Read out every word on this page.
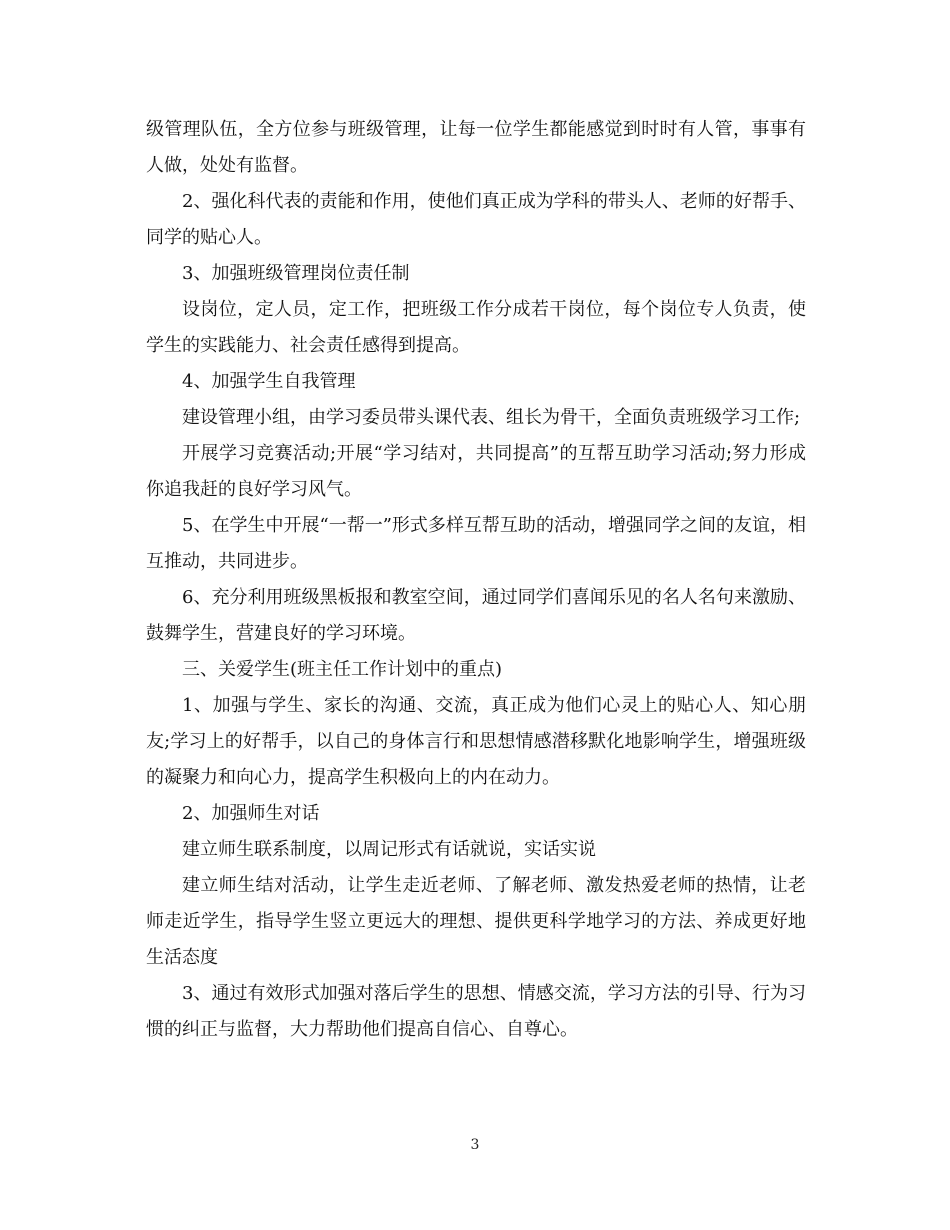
级管理队伍，全方位参与班级管理，让每一位学生都能感觉到时时有人管，事事有人做，处处有监督。

2、强化科代表的责能和作用，使他们真正成为学科的带头人、老师的好帮手、同学的贴心人。

3、加强班级管理岗位责任制

设岗位，定人员，定工作，把班级工作分成若干岗位，每个岗位专人负责，使学生的实践能力、社会责任感得到提高。

4、加强学生自我管理

建设管理小组，由学习委员带头课代表、组长为骨干，全面负责班级学习工作;

开展学习竞赛活动;开展“学习结对，共同提高”的互帮互助学习活动;努力形成你追我赶的良好学习风气。

5、在学生中开展“一帮一”形式多样互帮互助的活动，增强同学之间的友谊，相互推动，共同进步。

6、充分利用班级黑板报和教室空间，通过同学们喜闻乐见的名人名句来激励、鼓舞学生，营建良好的学习环境。

三、关爱学生(班主任工作计划中的重点)

1、加强与学生、家长的沟通、交流，真正成为他们心灵上的贴心人、知心朋友;学习上的好帮手，以自己的身体言行和思想情感潜移默化地影响学生，增强班级的凝聚力和向心力，提高学生积极向上的内在动力。

2、加强师生对话

建立师生联系制度，以周记形式有话就说，实话实说

建立师生结对活动，让学生走近老师、了解老师、激发热爱老师的热情，让老师走近学生，指导学生竖立更远大的理想、提供更科学地学习的方法、养成更好地生活态度

3、通过有效形式加强对落后学生的思想、情感交流，学习方法的引导、行为习惯的纠正与监督，大力帮助他们提高自信心、自尊心。

3
